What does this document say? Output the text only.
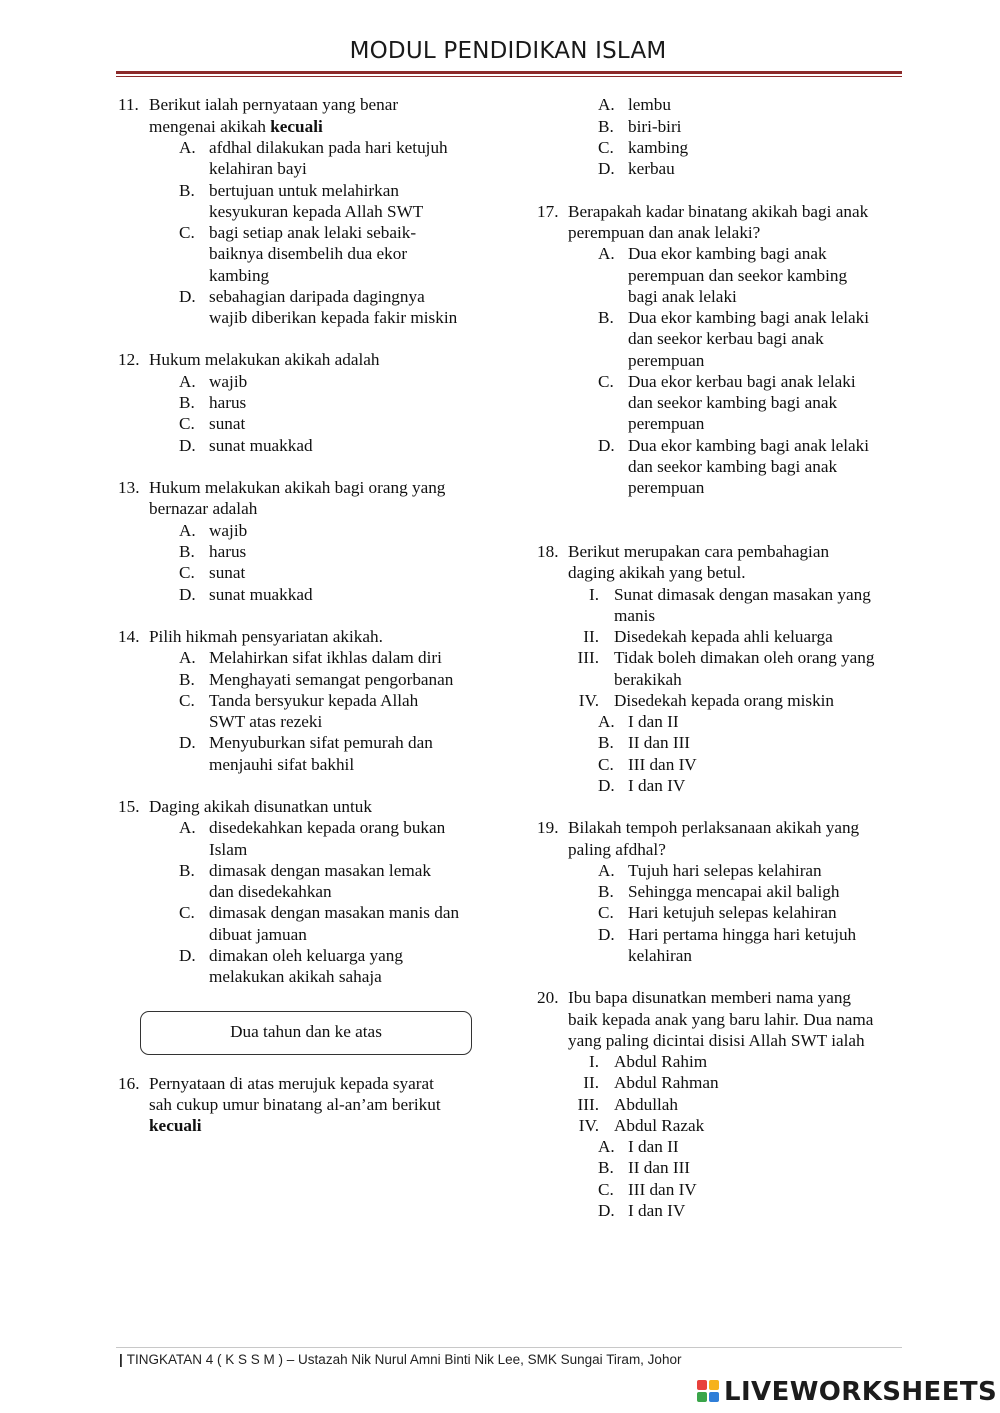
MODUL PENDIDIKAN ISLAM
11. Berikut ialah pernyataan yang benar
mengenai akikah kecuali
A. afdhal dilakukan pada hari ketujuh
kelahiran bayi
B. bertujuan untuk melahirkan
kesyukuran kepada Allah SWT
C. bagi setiap anak lelaki sebaik-
baiknya disembelih dua ekor
kambing
D. sebahagian daripada dagingnya
wajib diberikan kepada fakir miskin
12. Hukum melakukan akikah adalah
A. wajib
B. harus
C. sunat
D. sunat muakkad
13. Hukum melakukan akikah bagi orang yang
bernazar adalah
A. wajib
B. harus
C. sunat
D. sunat muakkad
14. Pilih hikmah pensyariatan akikah.
A. Melahirkan sifat ikhlas dalam diri
B. Menghayati semangat pengorbanan
C. Tanda bersyukur kepada Allah
SWT atas rezeki
D. Menyuburkan sifat pemurah dan
menjauhi sifat bakhil
15. Daging akikah disunatkan untuk
A. disedekahkan kepada orang bukan
Islam
B. dimasak dengan masakan lemak
dan disedekahkan
C. dimasak dengan masakan manis dan
dibuat jamuan
D. dimakan oleh keluarga yang
melakukan akikah sahaja
Dua tahun dan ke atas
16. Pernyataan di atas merujuk kepada syarat
sah cukup umur binatang al-an’am berikut
kecuali
A. lembu
B. biri-biri
C. kambing
D. kerbau
17. Berapakah kadar binatang akikah bagi anak
perempuan dan anak lelaki?
A. Dua ekor kambing bagi anak
perempuan dan seekor kambing
bagi anak lelaki
B. Dua ekor kambing bagi anak lelaki
dan seekor kerbau bagi anak
perempuan
C. Dua ekor kerbau bagi anak lelaki
dan seekor kambing bagi anak
perempuan
D. Dua ekor kambing bagi anak lelaki
dan seekor kambing bagi anak
perempuan
18. Berikut merupakan cara pembahagian
daging akikah yang betul.
I. Sunat dimasak dengan masakan yang
manis
II. Disedekah kepada ahli keluarga
III. Tidak boleh dimakan oleh orang yang
berakikah
IV. Disedekah kepada orang miskin
A. I dan II
B. II dan III
C. III dan IV
D. I dan IV
19. Bilakah tempoh perlaksanaan akikah yang
paling afdhal?
A. Tujuh hari selepas kelahiran
B. Sehingga mencapai akil baligh
C. Hari ketujuh selepas kelahiran
D. Hari pertama hingga hari ketujuh
kelahiran
20. Ibu bapa disunatkan memberi nama yang
baik kepada anak yang baru lahir. Dua nama
yang paling dicintai disisi Allah SWT ialah
I. Abdul Rahim
II. Abdul Rahman
III. Abdullah
IV. Abdul Razak
A. I dan II
B. II dan III
C. III dan IV
D. I dan IV
| TINGKATAN 4 ( K S S M ) – Ustazah Nik Nurul Amni Binti Nik Lee, SMK Sungai Tiram, Johor
LIVEWORKSHEETS
